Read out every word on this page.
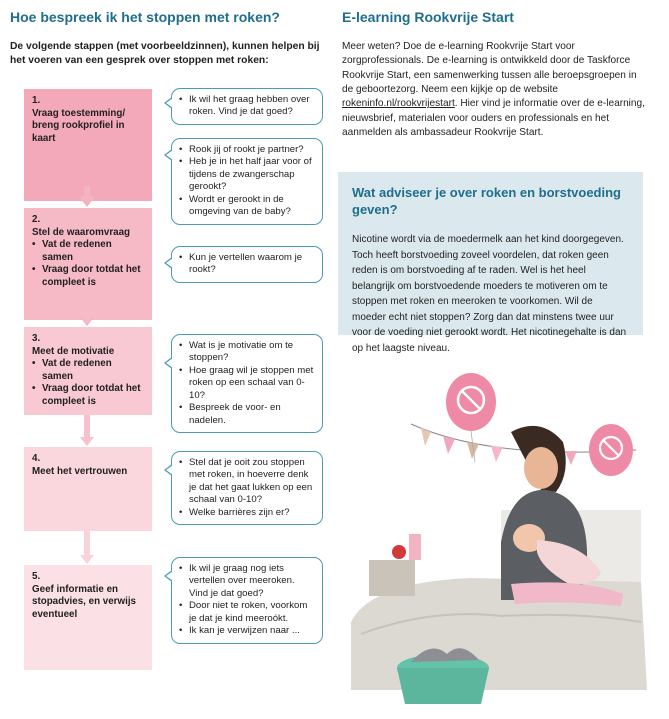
Hoe bespreek ik het stoppen met roken?
De volgende stappen (met voorbeeldzinnen), kunnen helpen bij het voeren van een gesprek over stoppen met roken:
1.
Vraag toestemming/ breng rookprofiel in kaart
2.
Stel de waaromvraag
• Vat de redenen samen
• Vraag door totdat het compleet is
3.
Meet de motivatie
• Vat de redenen samen
• Vraag door totdat het compleet is
4.
Meet het vertrouwen
5.
Geef informatie en stopadvies, en verwijs eventueel
• Ik wil het graag hebben over roken. Vind je dat goed?
• Rook jij of rookt je partner?
• Heb je in het half jaar voor of tijdens de zwangerschap gerookt?
• Wordt er gerookt in de omgeving van de baby?
• Kun je vertellen waarom je rookt?
• Wat is je motivatie om te stoppen?
• Hoe graag wil je stoppen met roken op een schaal van 0-10?
• Bespreek de voor- en nadelen.
• Stel dat je ooit zou stoppen met roken, in hoeverre denk je dat het gaat lukken op een schaal van 0-10?
• Welke barrières zijn er?
• Ik wil je graag nog iets vertellen over meeroken. Vind je dat goed?
• Door niet te roken, voorkom je dat je kind meeroókt.
• Ik kan je verwijzen naar ...
E-learning Rookvrije Start
Meer weten? Doe de e-learning Rookvrije Start voor zorgprofessionals. De e-learning is ontwikkeld door de Taskforce Rookvrije Start, een samenwerking tussen alle beroepsgroepen in de geboortezorg. Neem een kijkje op de website rokeninfo.nl/rookvrijestart. Hier vind je informatie over de e-learning, nieuwsbrief, materialen voor ouders en professionals en het aanmelden als ambassadeur Rookvrije Start.
Wat adviseer je over roken en borstvoeding geven?

Nicotine wordt via de moedermelk aan het kind doorgegeven. Toch heeft borstvoeding zoveel voordelen, dat roken geen reden is om borstvoeding af te raden. Wel is het heel belangrijk om borstvoedende moeders te motiveren om te stoppen met roken en meeroken te voorkomen. Wil de moeder echt niet stoppen? Zorg dan dat minstens twee uur voor de voeding niet gerookt wordt. Het nicotinegehalte is dan op het laagste niveau.
